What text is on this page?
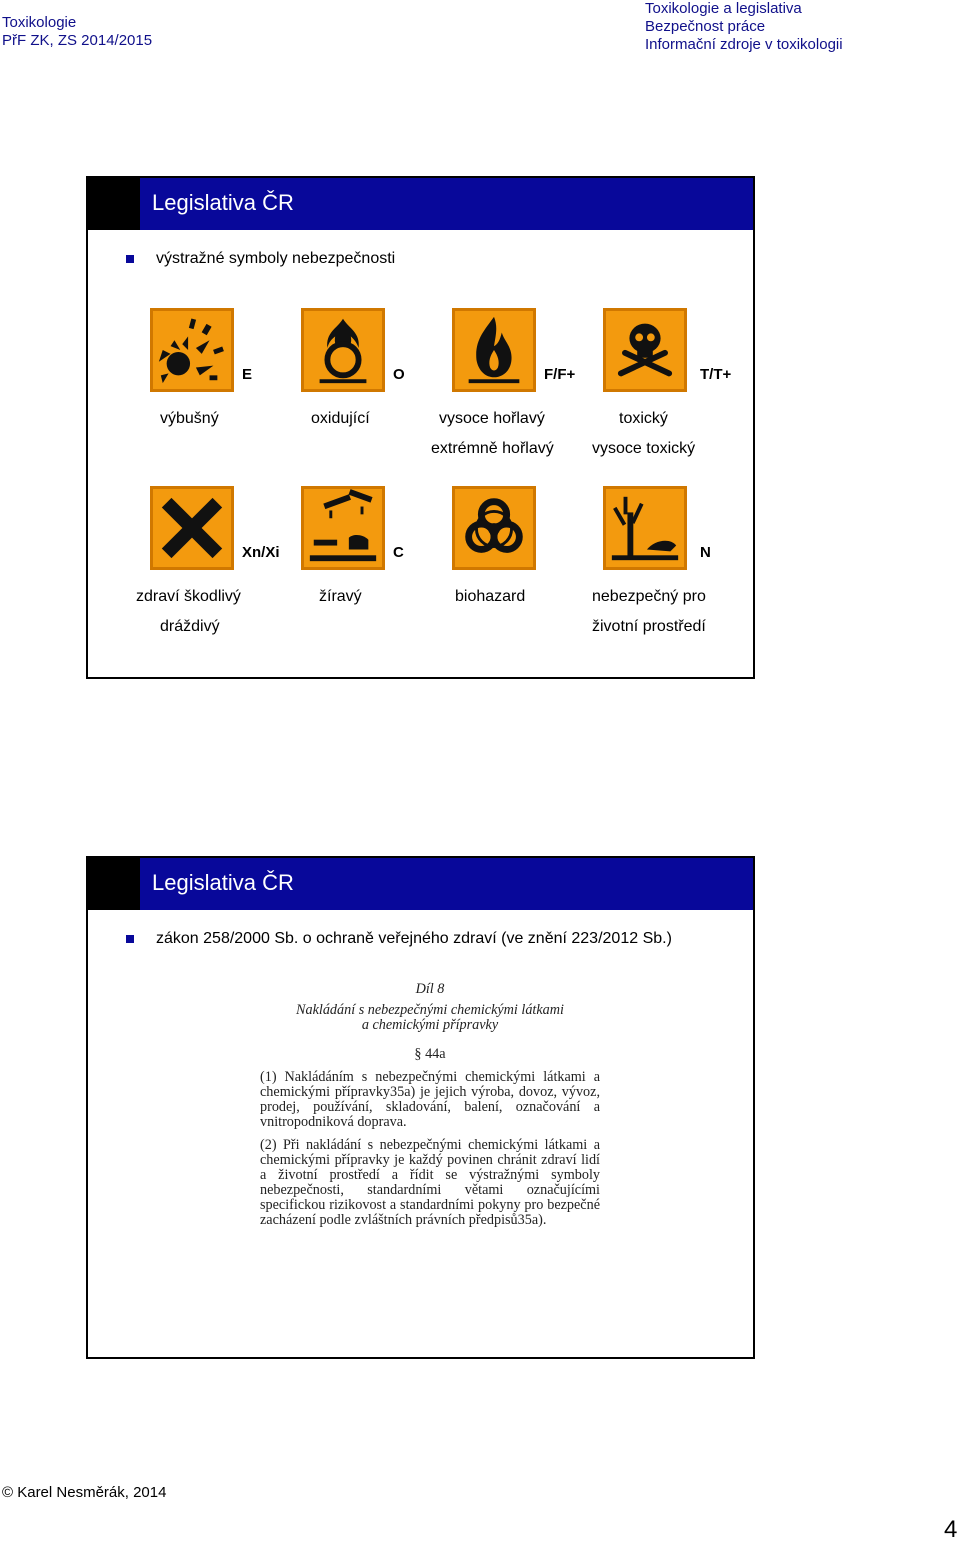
Toxikologie
PřF ZK, ZS 2014/2015
Toxikologie a legislativa
Bezpečnost práce
Informační zdroje v toxikologii
Legislativa ČR
výstražné symboly nebezpečnosti
E	O	F/F+	T/T+
výbušný	oxidující	vysoce hořlavý
extrémně hořlavý
toxický
vysoce toxický
Xn/Xi	C	N
zdraví škodlivý
dráždivý
žíravý	biohazard	nebezpečný pro
životní prostředí
Legislativa ČR
zákon 258/2000 Sb. o ochraně veřejného zdraví (ve znění 223/2012 Sb.)
Díl 8
Nakládání s nebezpečnými chemickými látkami
a chemickými přípravky
§ 44a

(1) Nakládáním s nebezpečnými chemickými látkami a chemickými přípravky35a) je jejich výroba, dovoz, vývoz, prodej, používání, skladování, balení, označování a vnitropodniková doprava.

(2) Při nakládání s nebezpečnými chemickými látkami a chemickými přípravky je každý povinen chránit zdraví lidí a životní prostředí a řídit se výstražnými symboly nebezpečnosti, standardními větami označujícími specifickou rizikovost a standardními pokyny pro bezpečné zacházení podle zvláštních právních předpisů35a).

© Karel Nesměrák, 2014
4
